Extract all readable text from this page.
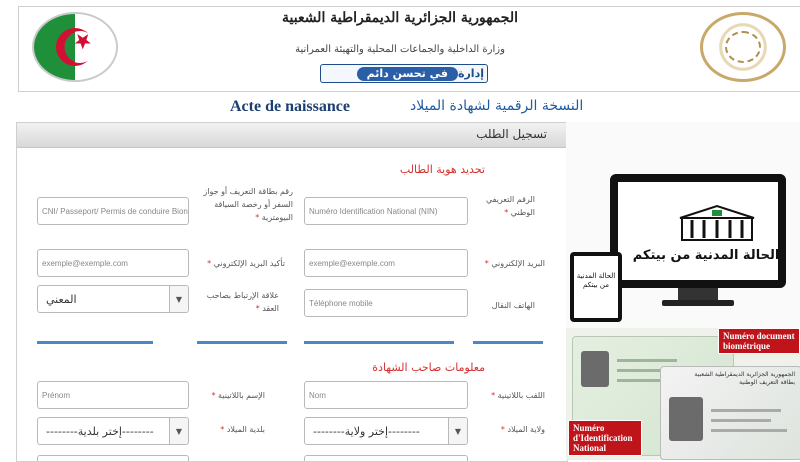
الجمهورية الجزائرية الديمقراطية الشعبية
وزارة الداخلية والجماعات المحلية والتهيئة العمرانية
في تحسن دائم إدارة
Acte de naissance	النسخة الرقمية لشهادة الميلاد
تسجيل الطلب
تحديد هوية الطالب
الرقم التعريفي الوطني *
Numéro Identification National (NIN)
رقم بطاقة التعريف أو جواز السفر أو رخصة السياقة البيومترية *
CNI/ Passeport/ Permis de conduire Bion
البريد الإلكتروني *
exemple@exemple.com
تأكيد البريد الإلكتروني *
exemple@exemple.com
الهاتف النقال
Téléphone mobile
علاقة الإرتباط بصاحب العقد *
المعني	▼
معلومات صاحب الشهادة
اللقب باللاتينية *
Nom
الإسم باللاتينية *
Prénom
ولاية الميلاد *
--------إختر ولاية--------	▼
بلدية الميلاد *
--------إختر بلدية--------	▼
الحالة المدنية من بيتكم
الحالة المدنية من بيتكم
الجمهورية الجزائرية الديمقراطية الشعبية
بطاقة التعريف الوطنية
Numéro document biométrique
Numéro d'Identification National
